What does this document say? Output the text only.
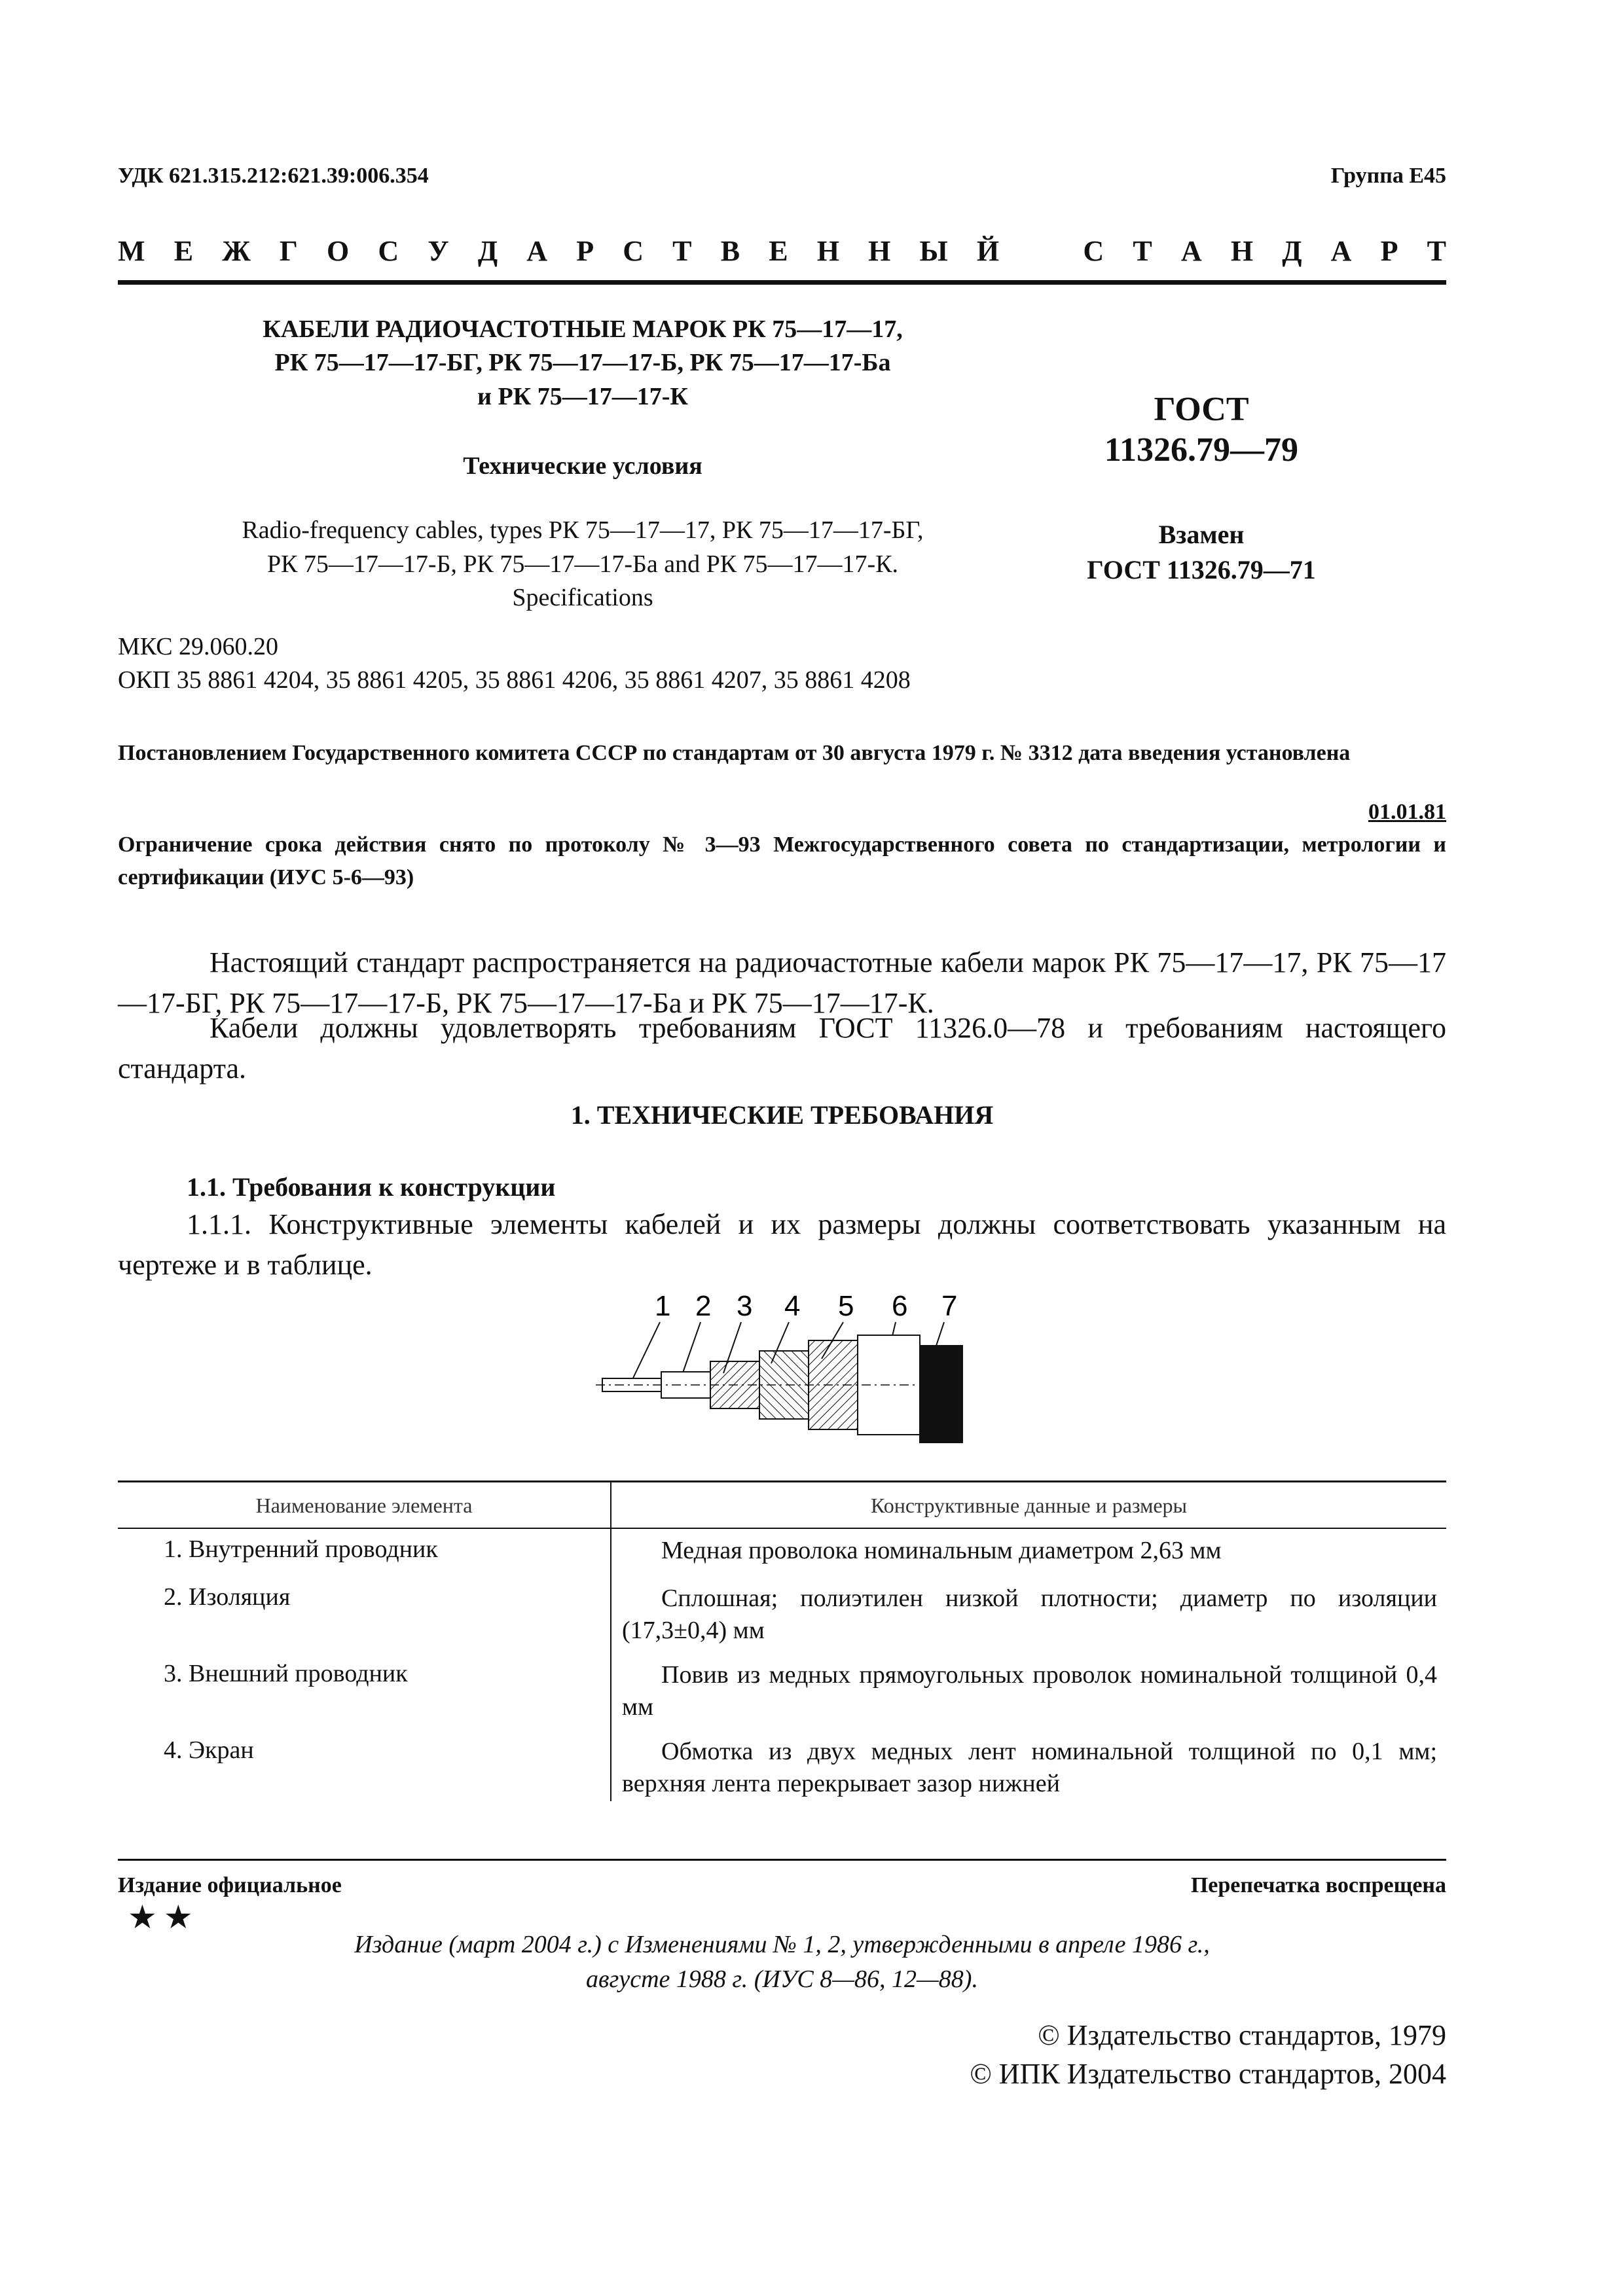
УДК 621.315.212:621.39:006.354	Группа Е45
М Е Ж Г О С У Д А Р С Т В Е Н Н Ы Й	С Т А Н Д А Р Т
КАБЕЛИ РАДИОЧАСТОТНЫЕ МАРОК РК 75—17—17,
РК 75—17—17-БГ, РК 75—17—17-Б, РК 75—17—17-Ба
и РК 75—17—17-К
Технические условия
Radio-frequency cables, types РК 75—17—17, РК 75—17—17-БГ,
РК 75—17—17-Б, РК 75—17—17-Ба and РК 75—17—17-К.
Specifications
МКС 29.060.20
ОКП 35 8861 4204, 35 8861 4205, 35 8861 4206, 35 8861 4207, 35 8861 4208
ГОСТ
11326.79—79
Взамен
ГОСТ 11326.79—71
Постановлением Государственного комитета СССР по стандартам от 30 августа 1979 г. № 3312 дата введения установлена
01.01.81
Ограничение срока действия снято по протоколу № 3—93 Межгосударственного совета по стандартизации, метрологии и сертификации (ИУС 5-6—93)
Настоящий стандарт распространяется на радиочастотные кабели марок РК 75—17—17, РК 75—17—17-БГ, РК 75—17—17-Б, РК 75—17—17-Ба и РК 75—17—17-К.
Кабели должны удовлетворять требованиям ГОСТ 11326.0—78 и требованиям настоящего стандарта.
1. ТЕХНИЧЕСКИЕ ТРЕБОВАНИЯ
1.1. Требования к конструкции
1.1.1. Конструктивные элементы кабелей и их размеры должны соответствовать указанным на чертеже и в таблице.
1 2 3 4 5 6 7
Наименование элемента	Конструктивные данные и размеры
1. Внутренний проводник	Медная проволока номинальным диаметром 2,63 мм
2. Изоляция	Сплошная; полиэтилен низкой плотности; диаметр по изоляции (17,3±0,4) мм
3. Внешний проводник	Повив из медных прямоугольных проволок номинальной толщиной 0,4 мм
4. Экран	Обмотка из двух медных лент номинальной толщиной по 0,1 мм; верхняя лента перекрывает зазор нижней
Издание официальное	Перепечатка воспрещена
★★
Издание (март 2004 г.) с Изменениями № 1, 2, утвержденными в апреле 1986 г.,
августе 1988 г. (ИУС 8—86, 12—88).
© Издательство стандартов, 1979
© ИПК Издательство стандартов, 2004
